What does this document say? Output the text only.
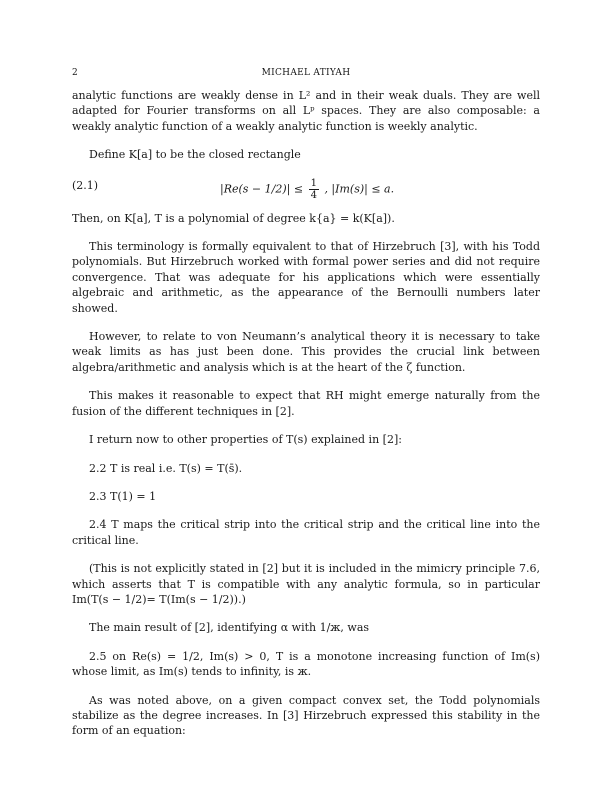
2	MICHAEL ATIYAH

analytic functions are weakly dense in L² and in their weak duals. They are well adapted for Fourier transforms on all Lᵖ spaces. They are also composable: a weakly analytic function of a weakly analytic function is weekly analytic.

Define K[a] to be the closed rectangle

(2.1)	$|Re(s - 1/2)| \le \frac{1}{4}$ , |Im(s)| ≤ a.

Then, on K[a], T is a polynomial of degree k{a} = k(K[a]).

This terminology is formally equivalent to that of Hirzebruch [3], with his Todd polynomials. But Hirzebruch worked with formal power series and did not require convergence. That was adequate for his applications which were essentially algebraic and arithmetic, as the appearance of the Bernoulli numbers later showed.

However, to relate to von Neumann’s analytical theory it is necessary to take weak limits as has just been done. This provides the crucial link between algebra/arithmetic and analysis which is at the heart of the ζ function.

This makes it reasonable to expect that RH might emerge naturally from the fusion of the different techniques in [2].

I return now to other properties of T(s) explained in [2]:

2.2 T is real i.e. T(s) = T(s̄).

2.3 T(1) = 1

2.4 T maps the critical strip into the critical strip and the critical line into the critical line.

(This is not explicitly stated in [2] but it is included in the mimicry principle 7.6, which asserts that T is compatible with any analytic formula, so in particular Im(T(s − 1/2)= T(Im(s − 1/2)).)

The main result of [2], identifying α with 1/ж, was

2.5 on Re(s) = 1/2, Im(s) > 0, T is a monotone increasing function of Im(s) whose limit, as Im(s) tends to infinity, is ж.

As was noted above, on a given compact convex set, the Todd polynomials stabilize as the degree increases. In [3] Hirzebruch expressed this stability in the form of an equation:
